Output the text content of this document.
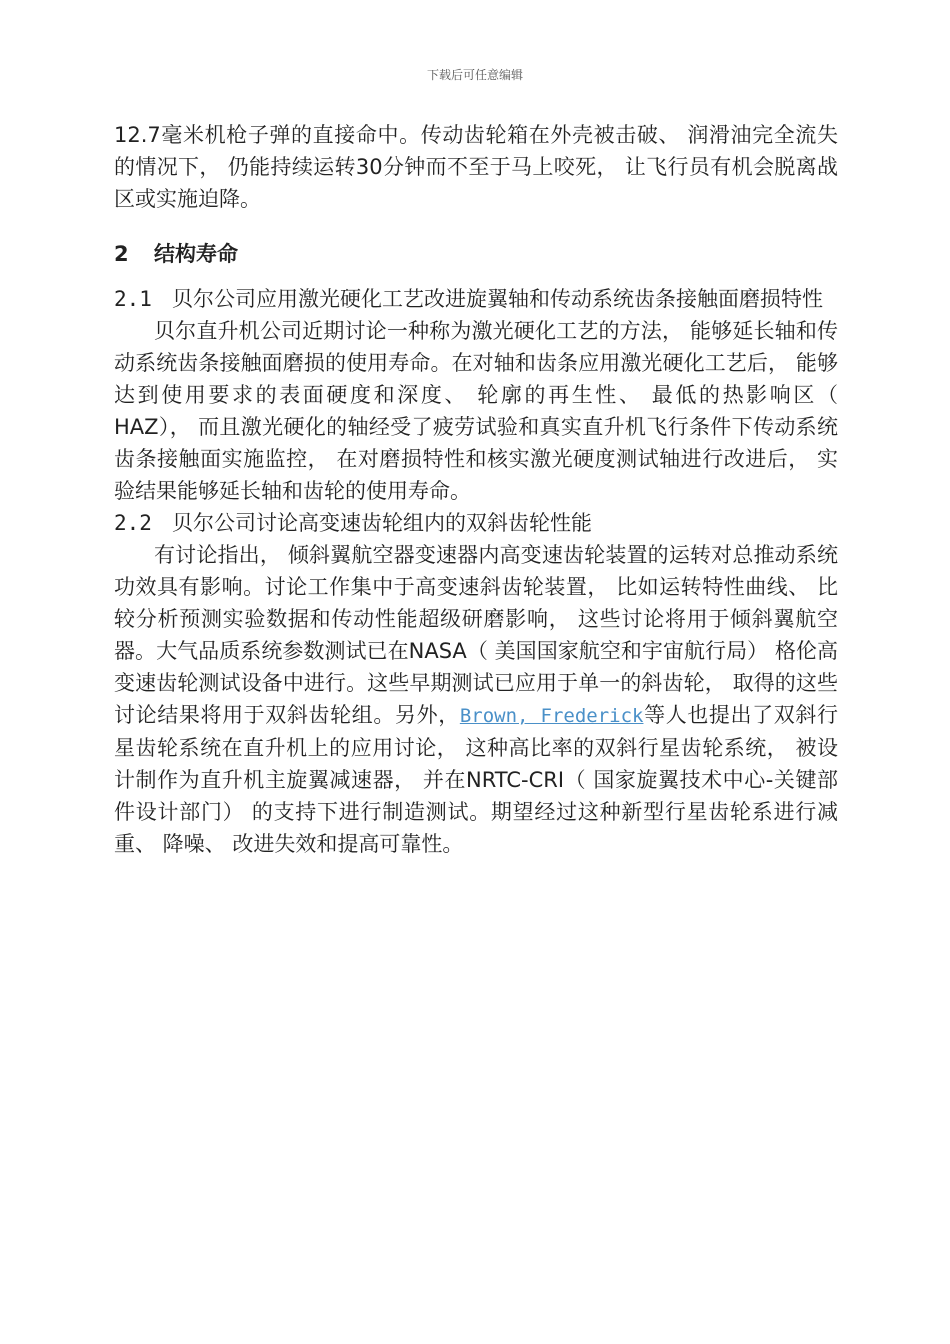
下载后可任意编辑

12.7毫米机枪子弹的直接命中。传动齿轮箱在外壳被击破、 润滑油完全流失的情况下， 仍能持续运转30分钟而不至于马上咬死， 让飞行员有机会脱离战区或实施迫降。

2 结构寿命

2.1 贝尔公司应用激光硬化工艺改进旋翼轴和传动系统齿条接触面磨损特性

贝尔直升机公司近期讨论一种称为激光硬化工艺的方法， 能够延长轴和传动系统齿条接触面磨损的使用寿命。在对轴和齿条应用激光硬化工艺后， 能够达到使用要求的表面硬度和深度、 轮廓的再生性、 最低的热影响区（ HAZ）， 而且激光硬化的轴经受了疲劳试验和真实直升机飞行条件下传动系统齿条接触面实施监控， 在对磨损特性和核实激光硬度测试轴进行改进后， 实验结果能够延长轴和齿轮的使用寿命。

2.2 贝尔公司讨论高变速齿轮组内的双斜齿轮性能

有讨论指出， 倾斜翼航空器变速器内高变速齿轮装置的运转对总推动系统功效具有影响。讨论工作集中于高变速斜齿轮装置， 比如运转特性曲线、 比较分析预测实验数据和传动性能超级研磨影响， 这些讨论将用于倾斜翼航空器。大气品质系统参数测试已在NASA（ 美国国家航空和宇宙航行局） 格伦高变速齿轮测试设备中进行。这些早期测试已应用于单一的斜齿轮， 取得的这些讨论结果将用于双斜齿轮组。另外，Brown, Frederick等人也提出了双斜行星齿轮系统在直升机上的应用讨论， 这种高比率的双斜行星齿轮系统， 被设计制作为直升机主旋翼减速器， 并在NRTC-CRI（ 国家旋翼技术中心-关键部件设计部门） 的支持下进行制造测试。期望经过这种新型行星齿轮系进行减重、 降噪、 改进失效和提高可靠性。
